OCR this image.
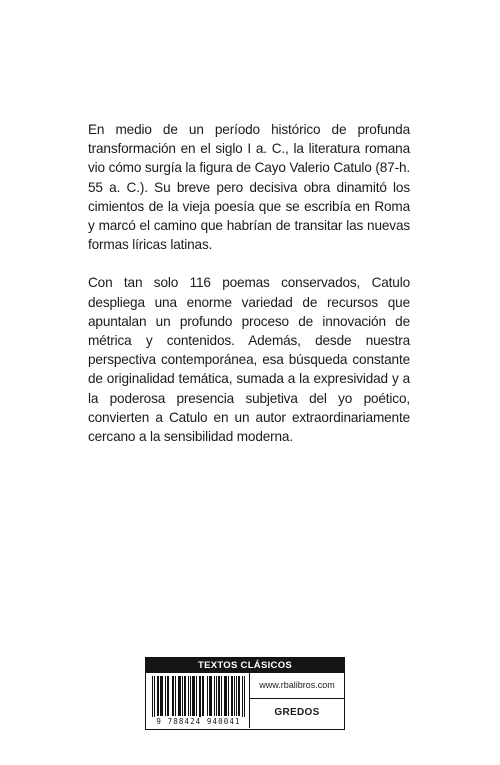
En medio de un período histórico de profunda transformación en el siglo I a. C., la literatura romana vio cómo surgía la figura de Cayo Valerio Catulo (87-h. 55 a. C.). Su breve pero decisiva obra dinamitó los cimientos de la vieja poesía que se escribía en Roma y marcó el camino que habrían de transitar las nuevas formas líricas latinas.

Con tan solo 116 poemas conservados, Catulo despliega una enorme variedad de recursos que apuntalan un profundo proceso de innovación de métrica y contenidos. Además, desde nuestra perspectiva contemporánea, esa búsqueda constante de originalidad temática, sumada a la expresividad y a la poderosa presencia subjetiva del yo poético, convierten a Catulo en un autor extraordinariamente cercano a la sensibilidad moderna.

TEXTOS CLÁSICOS
9 788424 940041
www.rbalibros.com
GREDOS
